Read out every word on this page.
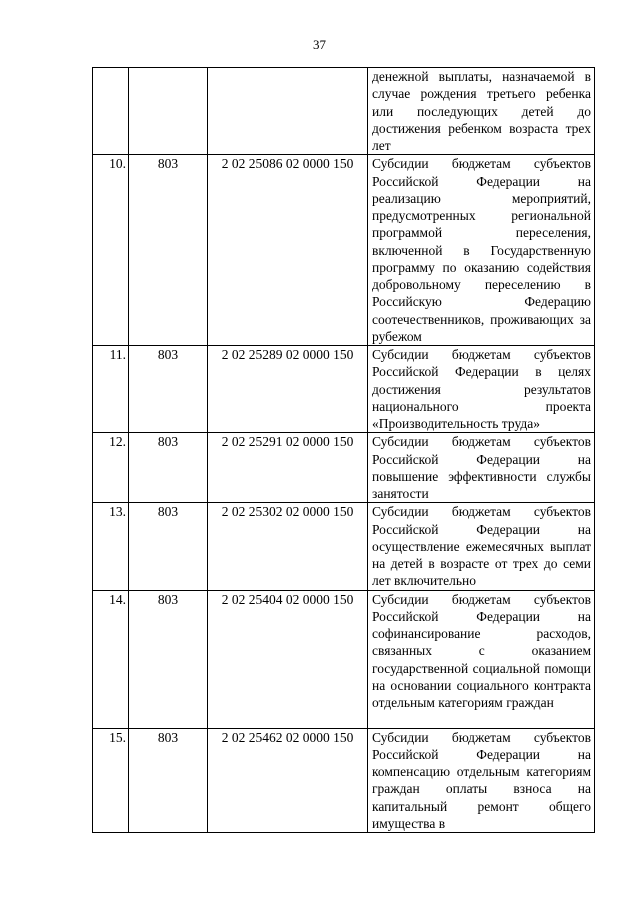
37
			денежной выплаты, назначаемой в случае рождения третьего ребенка или последующих детей до достижения ребенком возраста трех лет
10.	803	2 02 25086 02 0000 150	Субсидии бюджетам субъектов Российской Федерации на реализацию мероприятий, предусмотренных региональной программой переселения, включенной в Государственную программу по оказанию содействия добровольному переселению в Российскую Федерацию соотечественников, проживающих за рубежом
11.	803	2 02 25289 02 0000 150	Субсидии бюджетам субъектов Российской Федерации в целях достижения результатов национального проекта «Производительность труда»
12.	803	2 02 25291 02 0000 150	Субсидии бюджетам субъектов Российской Федерации на повышение эффективности службы занятости
13.	803	2 02 25302 02 0000 150	Субсидии бюджетам субъектов Российской Федерации на осуществление ежемесячных выплат на детей в возрасте от трех до семи лет включительно
14.	803	2 02 25404 02 0000 150	Субсидии бюджетам субъектов Российской Федерации на софинансирование расходов, связанных с оказанием государственной социальной помощи на основании социального контракта отдельным категориям граждан
15.	803	2 02 25462 02 0000 150	Субсидии бюджетам субъектов Российской Федерации на компенсацию отдельным категориям граждан оплаты взноса на капитальный ремонт общего имущества в
